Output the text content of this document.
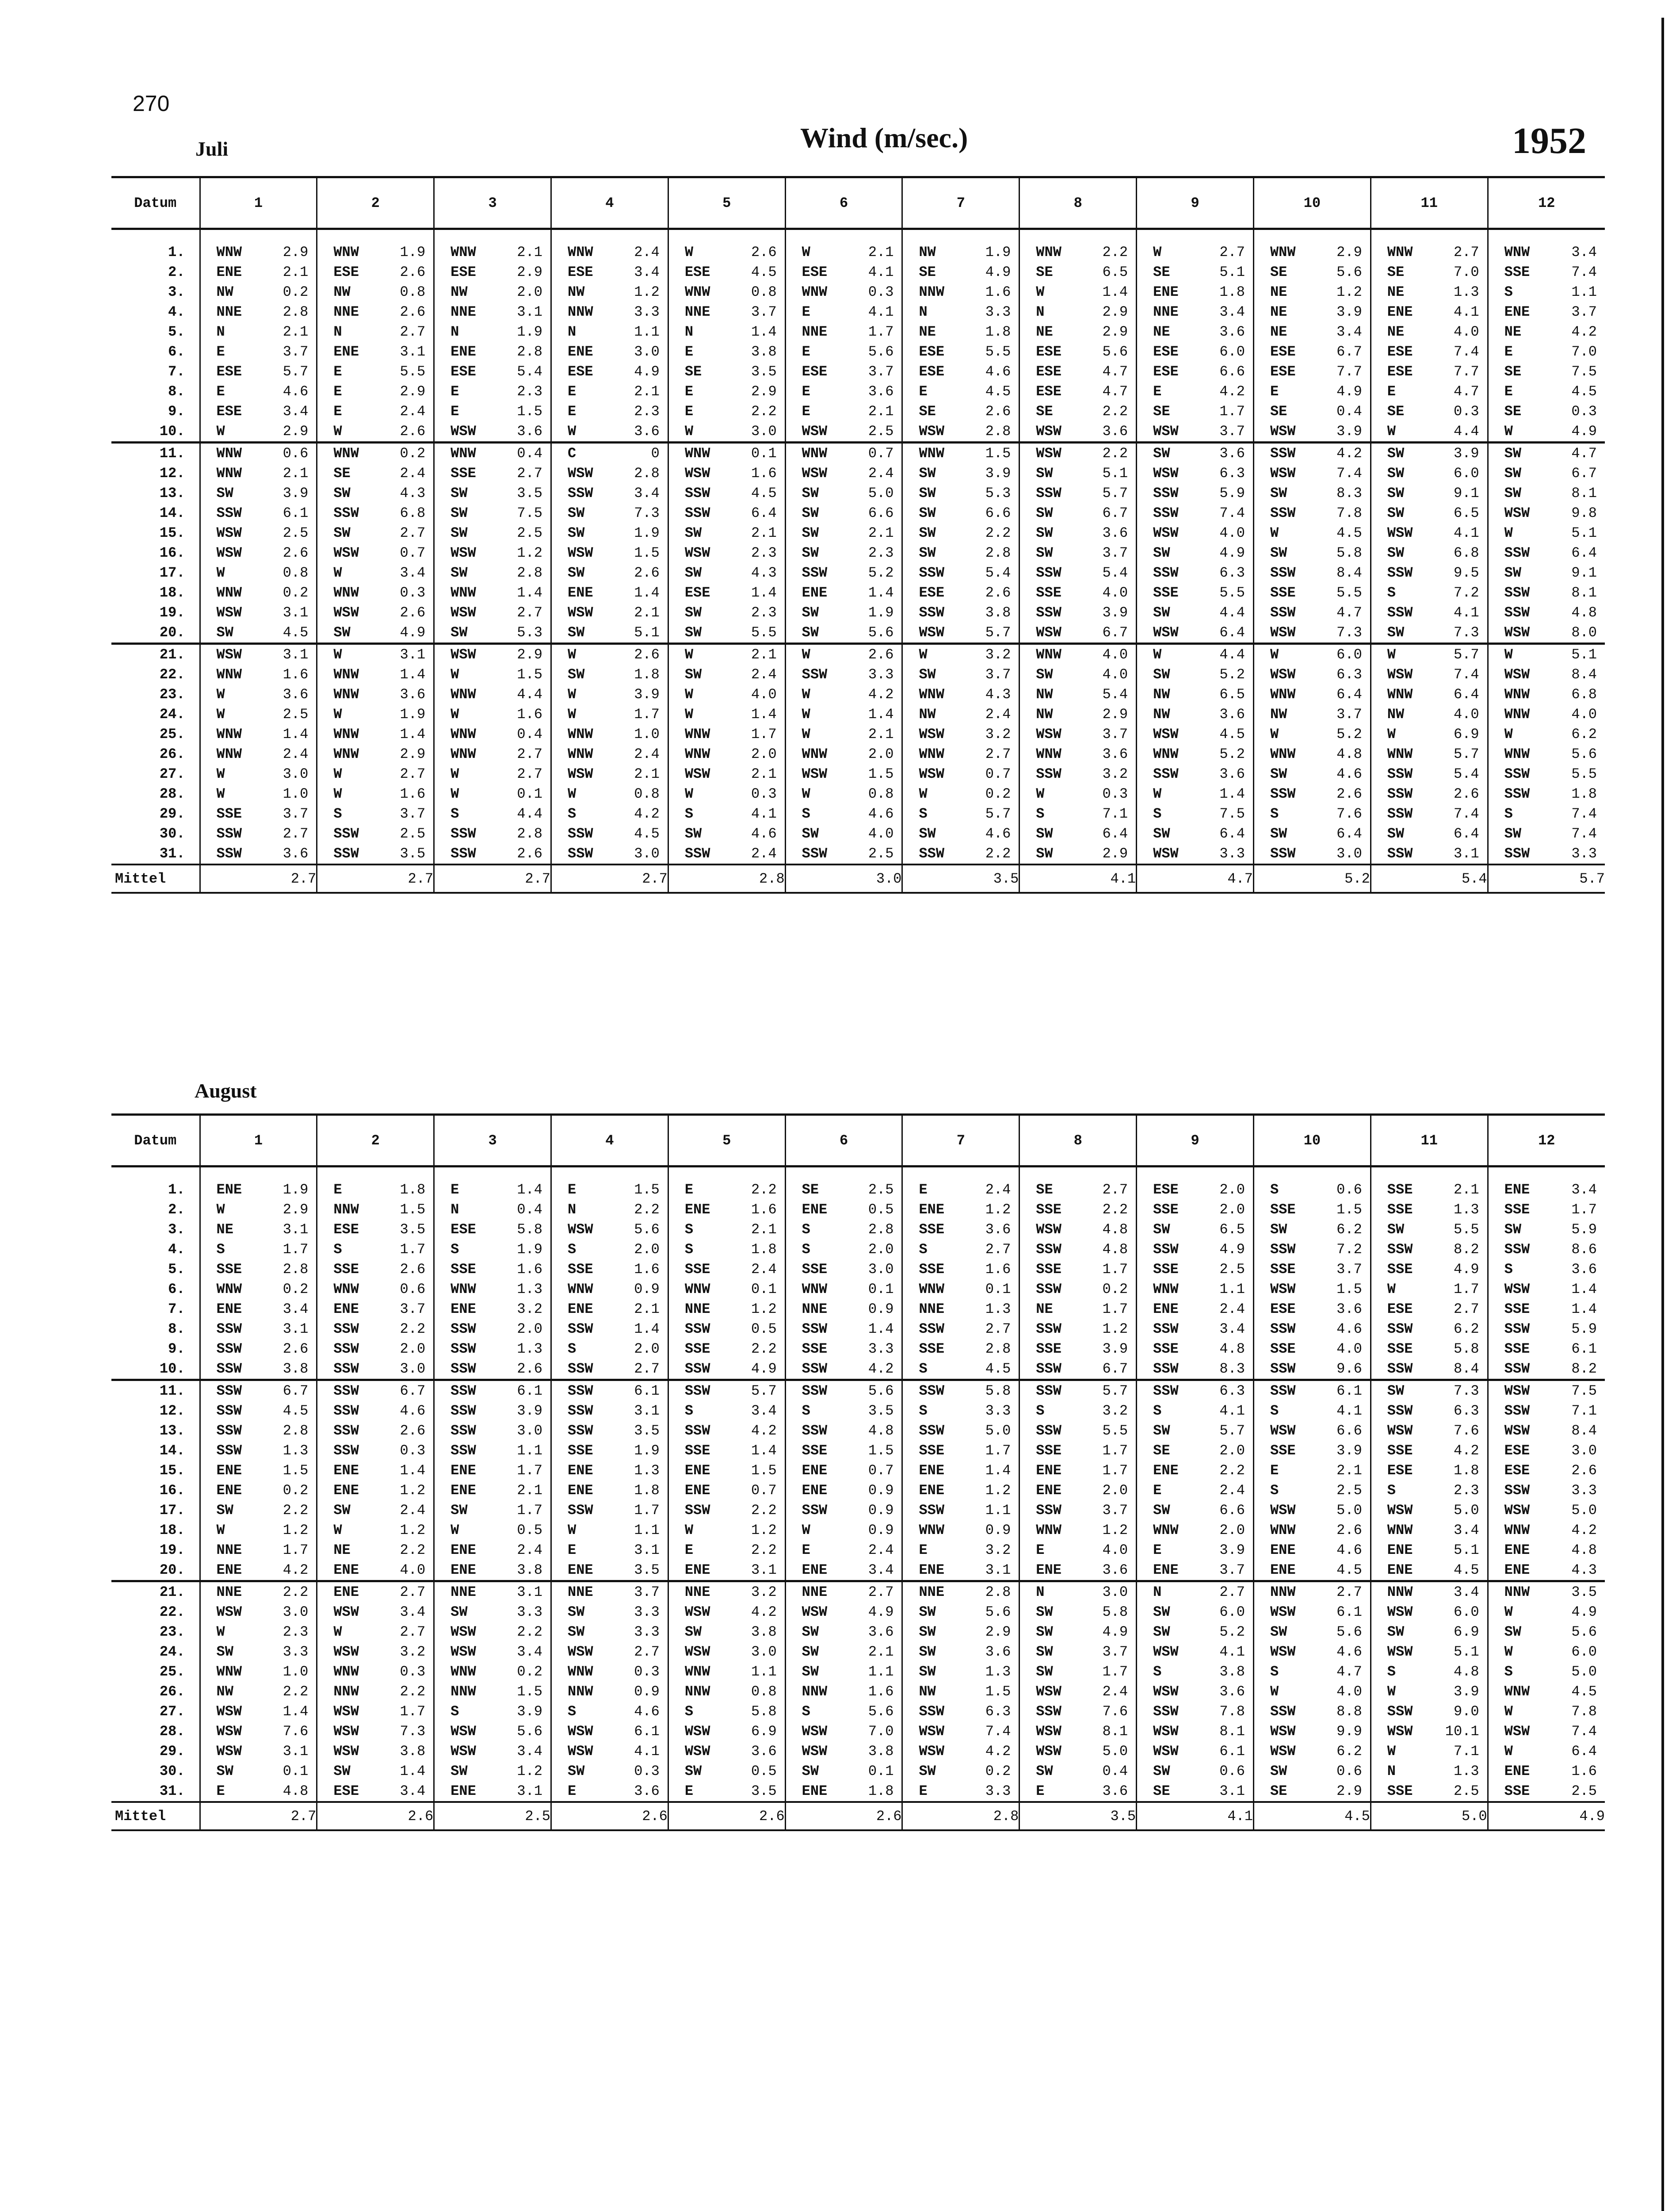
270
Juli	Wind (m/sec.)	1952
Datum	1	2	3	4	5	6	7	8	9	10	11	12

1.	WNW 2.9	WNW 1.9	WNW 2.1	WNW 2.4	W 2.6	W 2.1	NW 1.9	WNW 2.2	W 2.7	WNW 2.9	WNW 2.7	WNW 3.4

2.	ENE 2.1	ESE 2.6	ESE 2.9	ESE 3.4	ESE 4.5	ESE 4.1	SE 4.9	SE 6.5	SE 5.1	SE 5.6	SE 7.0	SSE 7.4

3.	NW 0.2	NW 0.8	NW 2.0	NW 1.2	WNW 0.8	WNW 0.3	NNW 1.6	W 1.4	ENE 1.8	NE 1.2	NE 1.3	S 1.1

4.	NNE 2.8	NNE 2.6	NNE 3.1	NNW 3.3	NNE 3.7	E 4.1	N 3.3	N 2.9	NNE 3.4	NE 3.9	ENE 4.1	ENE 3.7

5.	N 2.1	N 2.7	N 1.9	N 1.1	N 1.4	NNE 1.7	NE 1.8	NE 2.9	NE 3.6	NE 3.4	NE 4.0	NE 4.2

6.	E 3.7	ENE 3.1	ENE 2.8	ENE 3.0	E 3.8	E 5.6	ESE 5.5	ESE 5.6	ESE 6.0	ESE 6.7	ESE 7.4	E 7.0

7.	ESE 5.7	E 5.5	ESE 5.4	ESE 4.9	SE 3.5	ESE 3.7	ESE 4.6	ESE 4.7	ESE 6.6	ESE 7.7	ESE 7.7	SE 7.5

8.	E 4.6	E 2.9	E 2.3	E 2.1	E 2.9	E 3.6	E 4.5	ESE 4.7	E 4.2	E 4.9	E 4.7	E 4.5

9.	ESE 3.4	E 2.4	E 1.5	E 2.3	E 2.2	E 2.1	SE 2.6	SE 2.2	SE 1.7	SE 0.4	SE 0.3	SE 0.3

10.	W 2.9	W 2.6	WSW 3.6	W 3.6	W 3.0	WSW 2.5	WSW 2.8	WSW 3.6	WSW 3.7	WSW 3.9	W 4.4	W 4.9

11.	WNW 0.6	WNW 0.2	WNW 0.4	C 0	WNW 0.1	WNW 0.7	WNW 1.5	WSW 2.2	SW 3.6	SSW 4.2	SW 3.9	SW 4.7

12.	WNW 2.1	SE 2.4	SSE 2.7	WSW 2.8	WSW 1.6	WSW 2.4	SW 3.9	SW 5.1	WSW 6.3	WSW 7.4	SW 6.0	SW 6.7

13.	SW 3.9	SW 4.3	SW 3.5	SSW 3.4	SSW 4.5	SW 5.0	SW 5.3	SSW 5.7	SSW 5.9	SW 8.3	SW 9.1	SW 8.1

14.	SSW 6.1	SSW 6.8	SW 7.5	SW 7.3	SSW 6.4	SW 6.6	SW 6.6	SW 6.7	SSW 7.4	SSW 7.8	SW 6.5	WSW 9.8

15.	WSW 2.5	SW 2.7	SW 2.5	SW 1.9	SW 2.1	SW 2.1	SW 2.2	SW 3.6	WSW 4.0	W 4.5	WSW 4.1	W 5.1

16.	WSW 2.6	WSW 0.7	WSW 1.2	WSW 1.5	WSW 2.3	SW 2.3	SW 2.8	SW 3.7	SW 4.9	SW 5.8	SW 6.8	SSW 6.4

17.	W 0.8	W 3.4	SW 2.8	SW 2.6	SW 4.3	SSW 5.2	SSW 5.4	SSW 5.4	SSW 6.3	SSW 8.4	SSW 9.5	SW 9.1

18.	WNW 0.2	WNW 0.3	WNW 1.4	ENE 1.4	ESE 1.4	ENE 1.4	ESE 2.6	SSE 4.0	SSE 5.5	SSE 5.5	S 7.2	SSW 8.1

19.	WSW 3.1	WSW 2.6	WSW 2.7	WSW 2.1	SW 2.3	SW 1.9	SSW 3.8	SSW 3.9	SW 4.4	SSW 4.7	SSW 4.1	SSW 4.8

20.	SW 4.5	SW 4.9	SW 5.3	SW 5.1	SW 5.5	SW 5.6	WSW 5.7	WSW 6.7	WSW 6.4	WSW 7.3	SW 7.3	WSW 8.0

21.	WSW 3.1	W 3.1	WSW 2.9	W 2.6	W 2.1	W 2.6	W 3.2	WNW 4.0	W 4.4	W 6.0	W 5.7	W 5.1

22.	WNW 1.6	WNW 1.4	W 1.5	SW 1.8	SW 2.4	SSW 3.3	SW 3.7	SW 4.0	SW 5.2	WSW 6.3	WSW 7.4	WSW 8.4

23.	W 3.6	WNW 3.6	WNW 4.4	W 3.9	W 4.0	W 4.2	WNW 4.3	NW 5.4	NW 6.5	WNW 6.4	WNW 6.4	WNW 6.8

24.	W 2.5	W 1.9	W 1.6	W 1.7	W 1.4	W 1.4	NW 2.4	NW 2.9	NW 3.6	NW 3.7	NW 4.0	WNW 4.0

25.	WNW 1.4	WNW 1.4	WNW 0.4	WNW 1.0	WNW 1.7	W 2.1	WSW 3.2	WSW 3.7	WSW 4.5	W 5.2	W 6.9	W 6.2

26.	WNW 2.4	WNW 2.9	WNW 2.7	WNW 2.4	WNW 2.0	WNW 2.0	WNW 2.7	WNW 3.6	WNW 5.2	WNW 4.8	WNW 5.7	WNW 5.6

27.	W 3.0	W 2.7	W 2.7	WSW 2.1	WSW 2.1	WSW 1.5	WSW 0.7	SSW 3.2	SSW 3.6	SW 4.6	SSW 5.4	SSW 5.5

28.	W 1.0	W 1.6	W 0.1	W 0.8	W 0.3	W 0.8	W 0.2	W 0.3	W 1.4	SSW 2.6	SSW 2.6	SSW 1.8

29.	SSE 3.7	S 3.7	S 4.4	S 4.2	S 4.1	S 4.6	S 5.7	S 7.1	S 7.5	S 7.6	SSW 7.4	S 7.4

30.	SSW 2.7	SSW 2.5	SSW 2.8	SSW 4.5	SW 4.6	SW 4.0	SW 4.6	SW 6.4	SW 6.4	SW 6.4	SW 6.4	SW 7.4

31.	SSW 3.6	SSW 3.5	SSW 2.6	SSW 3.0	SSW 2.4	SSW 2.5	SSW 2.2	SW 2.9	WSW 3.3	SSW 3.0	SSW 3.1	SSW 3.3

Mittel	2.7	2.7	2.7	2.7	2.8	3.0	3.5	4.1	4.7	5.2	5.4	5.7
August
Datum	1	2	3	4	5	6	7	8	9	10	11	12

1.	ENE 1.9	E 1.8	E 1.4	E 1.5	E 2.2	SE 2.5	E 2.4	SE 2.7	ESE 2.0	S 0.6	SSE 2.1	ENE 3.4

2.	W 2.9	NNW 1.5	N 0.4	N 2.2	ENE 1.6	ENE 0.5	ENE 1.2	SSE 2.2	SSE 2.0	SSE 1.5	SSE 1.3	SSE 1.7

3.	NE 3.1	ESE 3.5	ESE 5.8	WSW 5.6	S 2.1	S 2.8	SSE 3.6	WSW 4.8	SW 6.5	SW 6.2	SW 5.5	SW 5.9

4.	S 1.7	S 1.7	S 1.9	S 2.0	S 1.8	S 2.0	S 2.7	SSW 4.8	SSW 4.9	SSW 7.2	SSW 8.2	SSW 8.6

5.	SSE 2.8	SSE 2.6	SSE 1.6	SSE 1.6	SSE 2.4	SSE 3.0	SSE 1.6	SSE 1.7	SSE 2.5	SSE 3.7	SSE 4.9	S 3.6

6.	WNW 0.2	WNW 0.6	WNW 1.3	WNW 0.9	WNW 0.1	WNW 0.1	WNW 0.1	SSW 0.2	WNW 1.1	WSW 1.5	W 1.7	WSW 1.4

7.	ENE 3.4	ENE 3.7	ENE 3.2	ENE 2.1	NNE 1.2	NNE 0.9	NNE 1.3	NE 1.7	ENE 2.4	ESE 3.6	ESE 2.7	SSE 1.4

8.	SSW 3.1	SSW 2.2	SSW 2.0	SSW 1.4	SSW 0.5	SSW 1.4	SSW 2.7	SSW 1.2	SSW 3.4	SSW 4.6	SSW 6.2	SSW 5.9

9.	SSW 2.6	SSW 2.0	SSW 1.3	S 2.0	SSE 2.2	SSE 3.3	SSE 2.8	SSE 3.9	SSE 4.8	SSE 4.0	SSE 5.8	SSE 6.1

10.	SSW 3.8	SSW 3.0	SSW 2.6	SSW 2.7	SSW 4.9	SSW 4.2	S 4.5	SSW 6.7	SSW 8.3	SSW 9.6	SSW 8.4	SSW 8.2

11.	SSW 6.7	SSW 6.7	SSW 6.1	SSW 6.1	SSW 5.7	SSW 5.6	SSW 5.8	SSW 5.7	SSW 6.3	SSW 6.1	SW 7.3	WSW 7.5

12.	SSW 4.5	SSW 4.6	SSW 3.9	SSW 3.1	S 3.4	S 3.5	S 3.3	S 3.2	S 4.1	S 4.1	SSW 6.3	SSW 7.1

13.	SSW 2.8	SSW 2.6	SSW 3.0	SSW 3.5	SSW 4.2	SSW 4.8	SSW 5.0	SSW 5.5	SW 5.7	WSW 6.6	WSW 7.6	WSW 8.4

14.	SSW 1.3	SSW 0.3	SSW 1.1	SSE 1.9	SSE 1.4	SSE 1.5	SSE 1.7	SSE 1.7	SE 2.0	SSE 3.9	SSE 4.2	ESE 3.0

15.	ENE 1.5	ENE 1.4	ENE 1.7	ENE 1.3	ENE 1.5	ENE 0.7	ENE 1.4	ENE 1.7	ENE 2.2	E 2.1	ESE 1.8	ESE 2.6

16.	ENE 0.2	ENE 1.2	ENE 2.1	ENE 1.8	ENE 0.7	ENE 0.9	ENE 1.2	ENE 2.0	E 2.4	S 2.5	S 2.3	SSW 3.3

17.	SW 2.2	SW 2.4	SW 1.7	SSW 1.7	SSW 2.2	SSW 0.9	SSW 1.1	SSW 3.7	SW 6.6	WSW 5.0	WSW 5.0	WSW 5.0

18.	W 1.2	W 1.2	W 0.5	W 1.1	W 1.2	W 0.9	WNW 0.9	WNW 1.2	WNW 2.0	WNW 2.6	WNW 3.4	WNW 4.2

19.	NNE 1.7	NE 2.2	ENE 2.4	E 3.1	E 2.2	E 2.4	E 3.2	E 4.0	E 3.9	ENE 4.6	ENE 5.1	ENE 4.8

20.	ENE 4.2	ENE 4.0	ENE 3.8	ENE 3.5	ENE 3.1	ENE 3.4	ENE 3.1	ENE 3.6	ENE 3.7	ENE 4.5	ENE 4.5	ENE 4.3

21.	NNE 2.2	ENE 2.7	NNE 3.1	NNE 3.7	NNE 3.2	NNE 2.7	NNE 2.8	N 3.0	N 2.7	NNW 2.7	NNW 3.4	NNW 3.5

22.	WSW 3.0	WSW 3.4	SW 3.3	SW 3.3	WSW 4.2	WSW 4.9	SW 5.6	SW 5.8	SW 6.0	WSW 6.1	WSW 6.0	W 4.9

23.	W 2.3	W 2.7	WSW 2.2	SW 3.3	SW 3.8	SW 3.6	SW 2.9	SW 4.9	SW 5.2	SW 5.6	SW 6.9	SW 5.6

24.	SW 3.3	WSW 3.2	WSW 3.4	WSW 2.7	WSW 3.0	SW 2.1	SW 3.6	SW 3.7	WSW 4.1	WSW 4.6	WSW 5.1	W 6.0

25.	WNW 1.0	WNW 0.3	WNW 0.2	WNW 0.3	WNW 1.1	SW 1.1	SW 1.3	SW 1.7	S 3.8	S 4.7	S 4.8	S 5.0

26.	NW 2.2	NNW 2.2	NNW 1.5	NNW 0.9	NNW 0.8	NNW 1.6	NW 1.5	WSW 2.4	WSW 3.6	W 4.0	W 3.9	WNW 4.5

27.	WSW 1.4	WSW 1.7	S 3.9	S 4.6	S 5.8	S 5.6	SSW 6.3	SSW 7.6	SSW 7.8	SSW 8.8	SSW 9.0	W 7.8

28.	WSW 7.6	WSW 7.3	WSW 5.6	WSW 6.1	WSW 6.9	WSW 7.0	WSW 7.4	WSW 8.1	WSW 8.1	WSW 9.9	WSW 10.1	WSW 7.4

29.	WSW 3.1	WSW 3.8	WSW 3.4	WSW 4.1	WSW 3.6	WSW 3.8	WSW 4.2	WSW 5.0	WSW 6.1	WSW 6.2	W 7.1	W 6.4

30.	SW 0.1	SW 1.4	SW 1.2	SW 0.3	SW 0.5	SW 0.1	SW 0.2	SW 0.4	SW 0.6	SW 0.6	N 1.3	ENE 1.6

31.	E 4.8	ESE 3.4	ENE 3.1	E 3.6	E 3.5	ENE 1.8	E 3.3	E 3.6	SE 3.1	SE 2.9	SSE 2.5	SSE 2.5

Mittel	2.7	2.6	2.5	2.6	2.6	2.6	2.8	3.5	4.1	4.5	5.0	4.9
